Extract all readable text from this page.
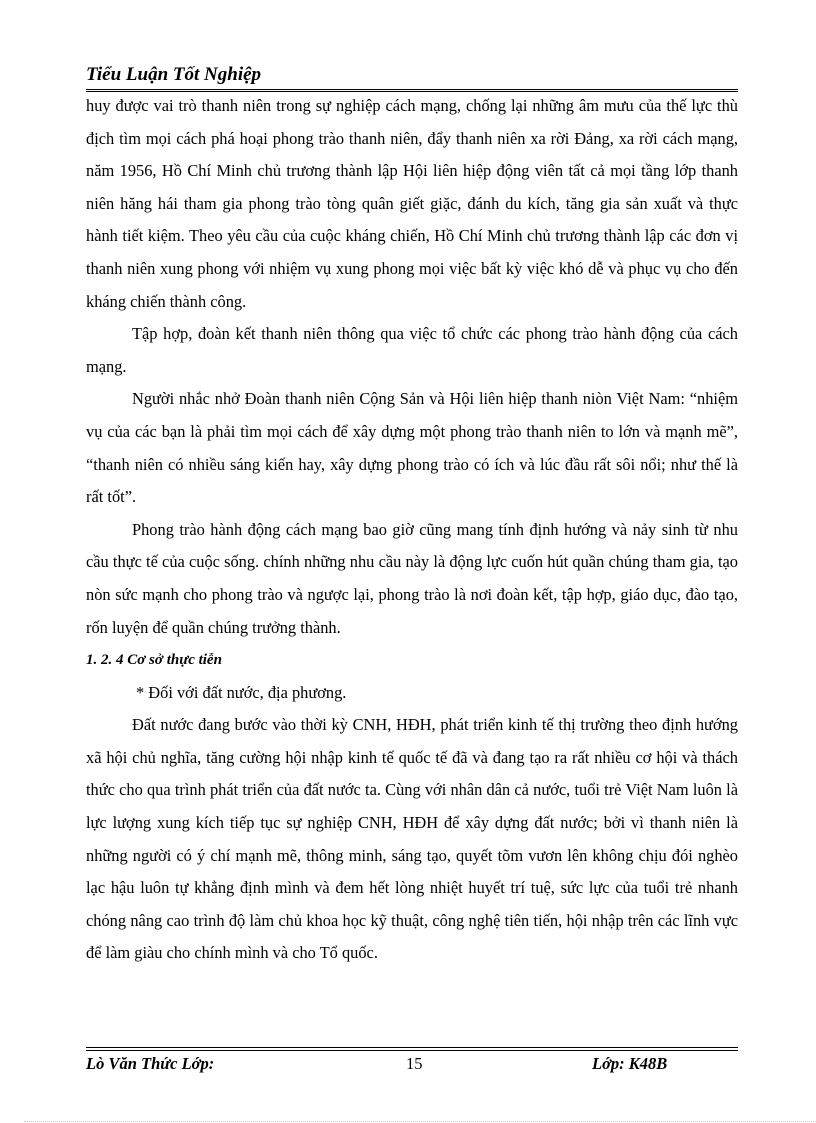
Tiểu Luận Tốt Nghiệp

huy được vai trò thanh niên trong sự nghiệp cách mạng, chống lại những âm mưu của thế lực thù địch tìm mọi cách phá hoại phong trào thanh niên, đẩy thanh niên xa rời Đảng, xa rời cách mạng, năm 1956, Hồ Chí Minh chủ trương thành lập Hội liên hiệp động viên tất cả mọi tầng lớp thanh niên hăng hái tham gia phong trào tòng quân giết giặc, đánh du kích, tăng gia sản xuất và thực hành tiết kiệm. Theo yêu cầu của cuộc kháng chiến, Hồ Chí Minh chủ trương thành lập các đơn vị thanh niên xung phong với nhiệm vụ xung phong mọi việc bất kỳ việc khó dễ và phục vụ cho đến kháng chiến thành công.

Tập hợp, đoàn kết thanh niên thông qua việc tổ chức các phong trào hành động của cách mạng.

Người nhắc nhở Đoàn thanh niên Cộng Sản và Hội liên hiệp thanh niòn Việt Nam: “nhiệm vụ của các bạn là phải tìm mọi cách để xây dựng một phong trào thanh niên to lớn và mạnh mẽ”, “thanh niên có nhiều sáng kiến hay, xây dựng phong trào có ích và lúc đầu rất sôi nổi; như thế là rất tốt”.

Phong trào hành động cách mạng bao giờ cũng mang tính định hướng và nảy sinh từ nhu cầu thực tế của cuộc sống. chính những nhu cầu này là động lực cuốn hút quần chúng tham gia, tạo nòn sức mạnh cho phong trào và ngược lại, phong trào là nơi đoàn kết, tập hợp, giáo dục, đào tạo, rốn luyện để quần chúng trưởng thành.

1. 2. 4 Cơ sở thực tiễn

* Đối với đất nước, địa phương.

Đất nước đang bước vào thời kỳ CNH, HĐH, phát triển kinh tế thị trường theo định hướng xã hội chủ nghĩa, tăng cường hội nhập kinh tế quốc tế đã và đang tạo ra rất nhiều cơ hội và thách thức cho qua trình phát triển của đất nước ta. Cùng với nhân dân cả nước, tuổi trẻ Việt Nam luôn là lực lượng xung kích tiếp tục sự nghiệp CNH, HĐH để xây dựng đất nước; bởi vì thanh niên là những người có ý chí mạnh mẽ, thông minh, sáng tạo, quyết tõm vươn lên không chịu đói nghèo lạc hậu luôn tự khẳng định mình và đem hết lòng nhiệt huyết trí tuệ, sức lực của tuổi trẻ nhanh chóng nâng cao trình độ làm chủ khoa học kỹ thuật, công nghệ tiên tiến, hội nhập trên các lĩnh vực để làm giàu cho chính mình và cho Tổ quốc.

Lò Văn Thức Lớp:	15	Lớp: K48B
